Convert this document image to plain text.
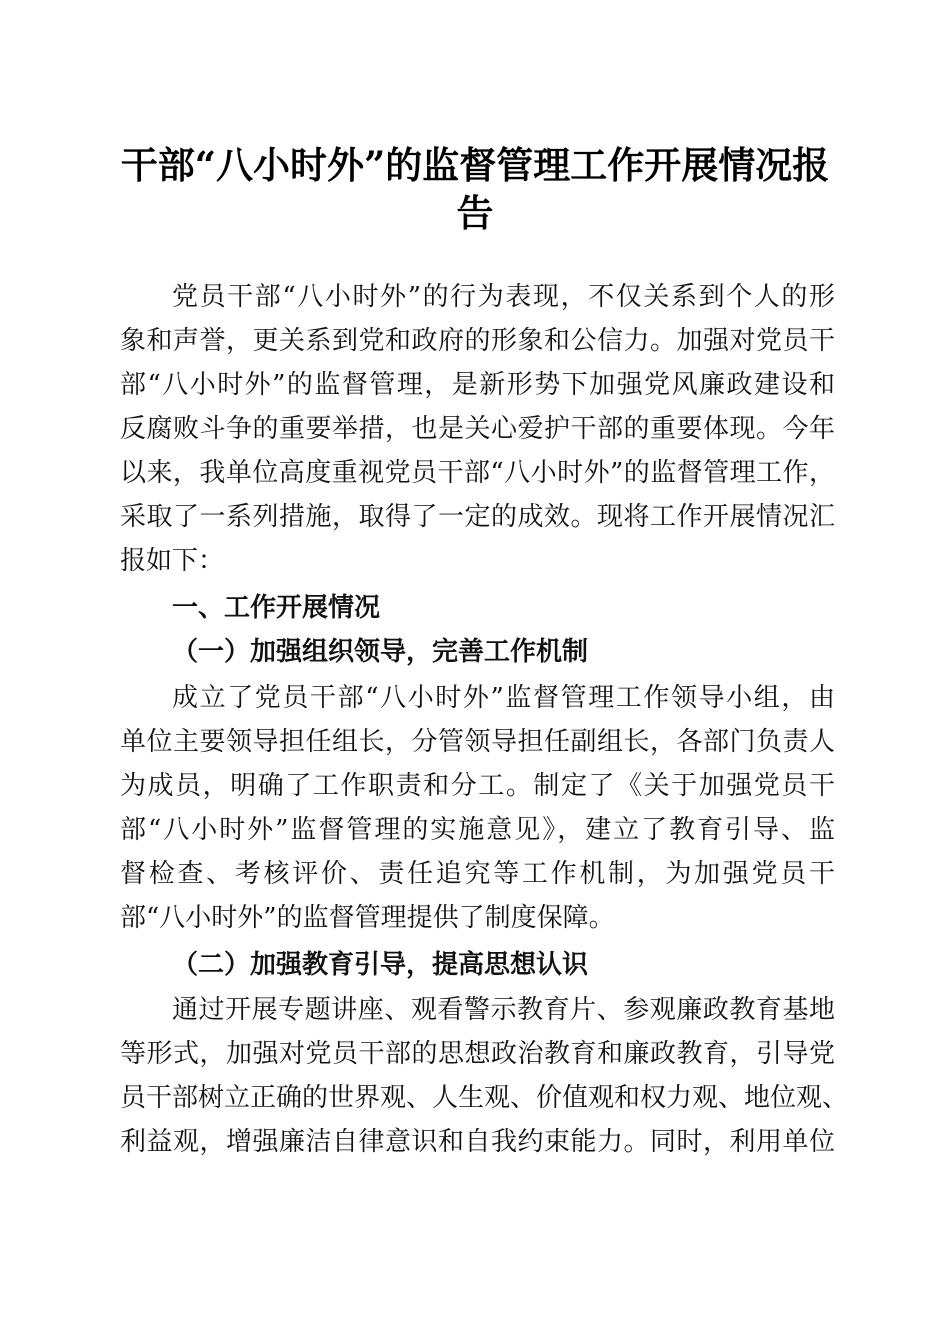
干部“八小时外”的监督管理工作开展情况报
告
党员干部“八小时外”的行为表现，不仅关系到个人的形
象和声誉，更关系到党和政府的形象和公信力。加强对党员干
部“八小时外”的监督管理，是新形势下加强党风廉政建设和
反腐败斗争的重要举措，也是关心爱护干部的重要体现。今年
以来，我单位高度重视党员干部“八小时外”的监督管理工作，
采取了一系列措施，取得了一定的成效。现将工作开展情况汇
报如下：
一、工作开展情况
（一）加强组织领导，完善工作机制
成立了党员干部“八小时外”监督管理工作领导小组，由
单位主要领导担任组长，分管领导担任副组长，各部门负责人
为成员，明确了工作职责和分工。制定了《关于加强党员干
部“八小时外”监督管理的实施意见》，建立了教育引导、监
督检查、考核评价、责任追究等工作机制，为加强党员干
部“八小时外”的监督管理提供了制度保障。
（二）加强教育引导，提高思想认识
通过开展专题讲座、观看警示教育片、参观廉政教育基地
等形式，加强对党员干部的思想政治教育和廉政教育，引导党
员干部树立正确的世界观、人生观、价值观和权力观、地位观、
利益观，增强廉洁自律意识和自我约束能力。同时，利用单位
